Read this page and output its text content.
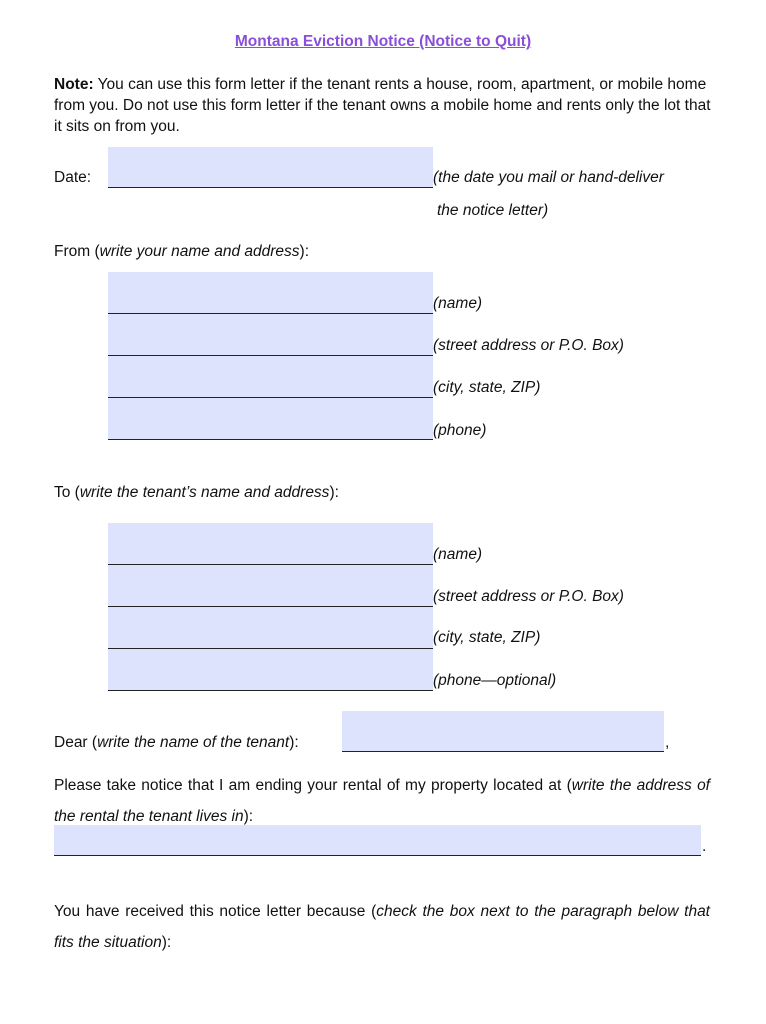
Montana Eviction Notice (Notice to Quit)
Note: You can use this form letter if the tenant rents a house, room, apartment, or mobile home from you. Do not use this form letter if the tenant owns a mobile home and rents only the lot that it sits on from you.
Date:	(the date you mail or hand-deliver
the notice letter)
From (write your name and address):
(name)
(street address or P.O. Box)
(city, state, ZIP)
(phone)
To (write the tenant’s name and address):
(name)
(street address or P.O. Box)
(city, state, ZIP)
(phone—optional)
Dear (write the name of the tenant):	,
Please take notice that I am ending your rental of my property located at (write the address of the rental the tenant lives in):
.
You have received this notice letter because (check the box next to the paragraph below that fits the situation):
